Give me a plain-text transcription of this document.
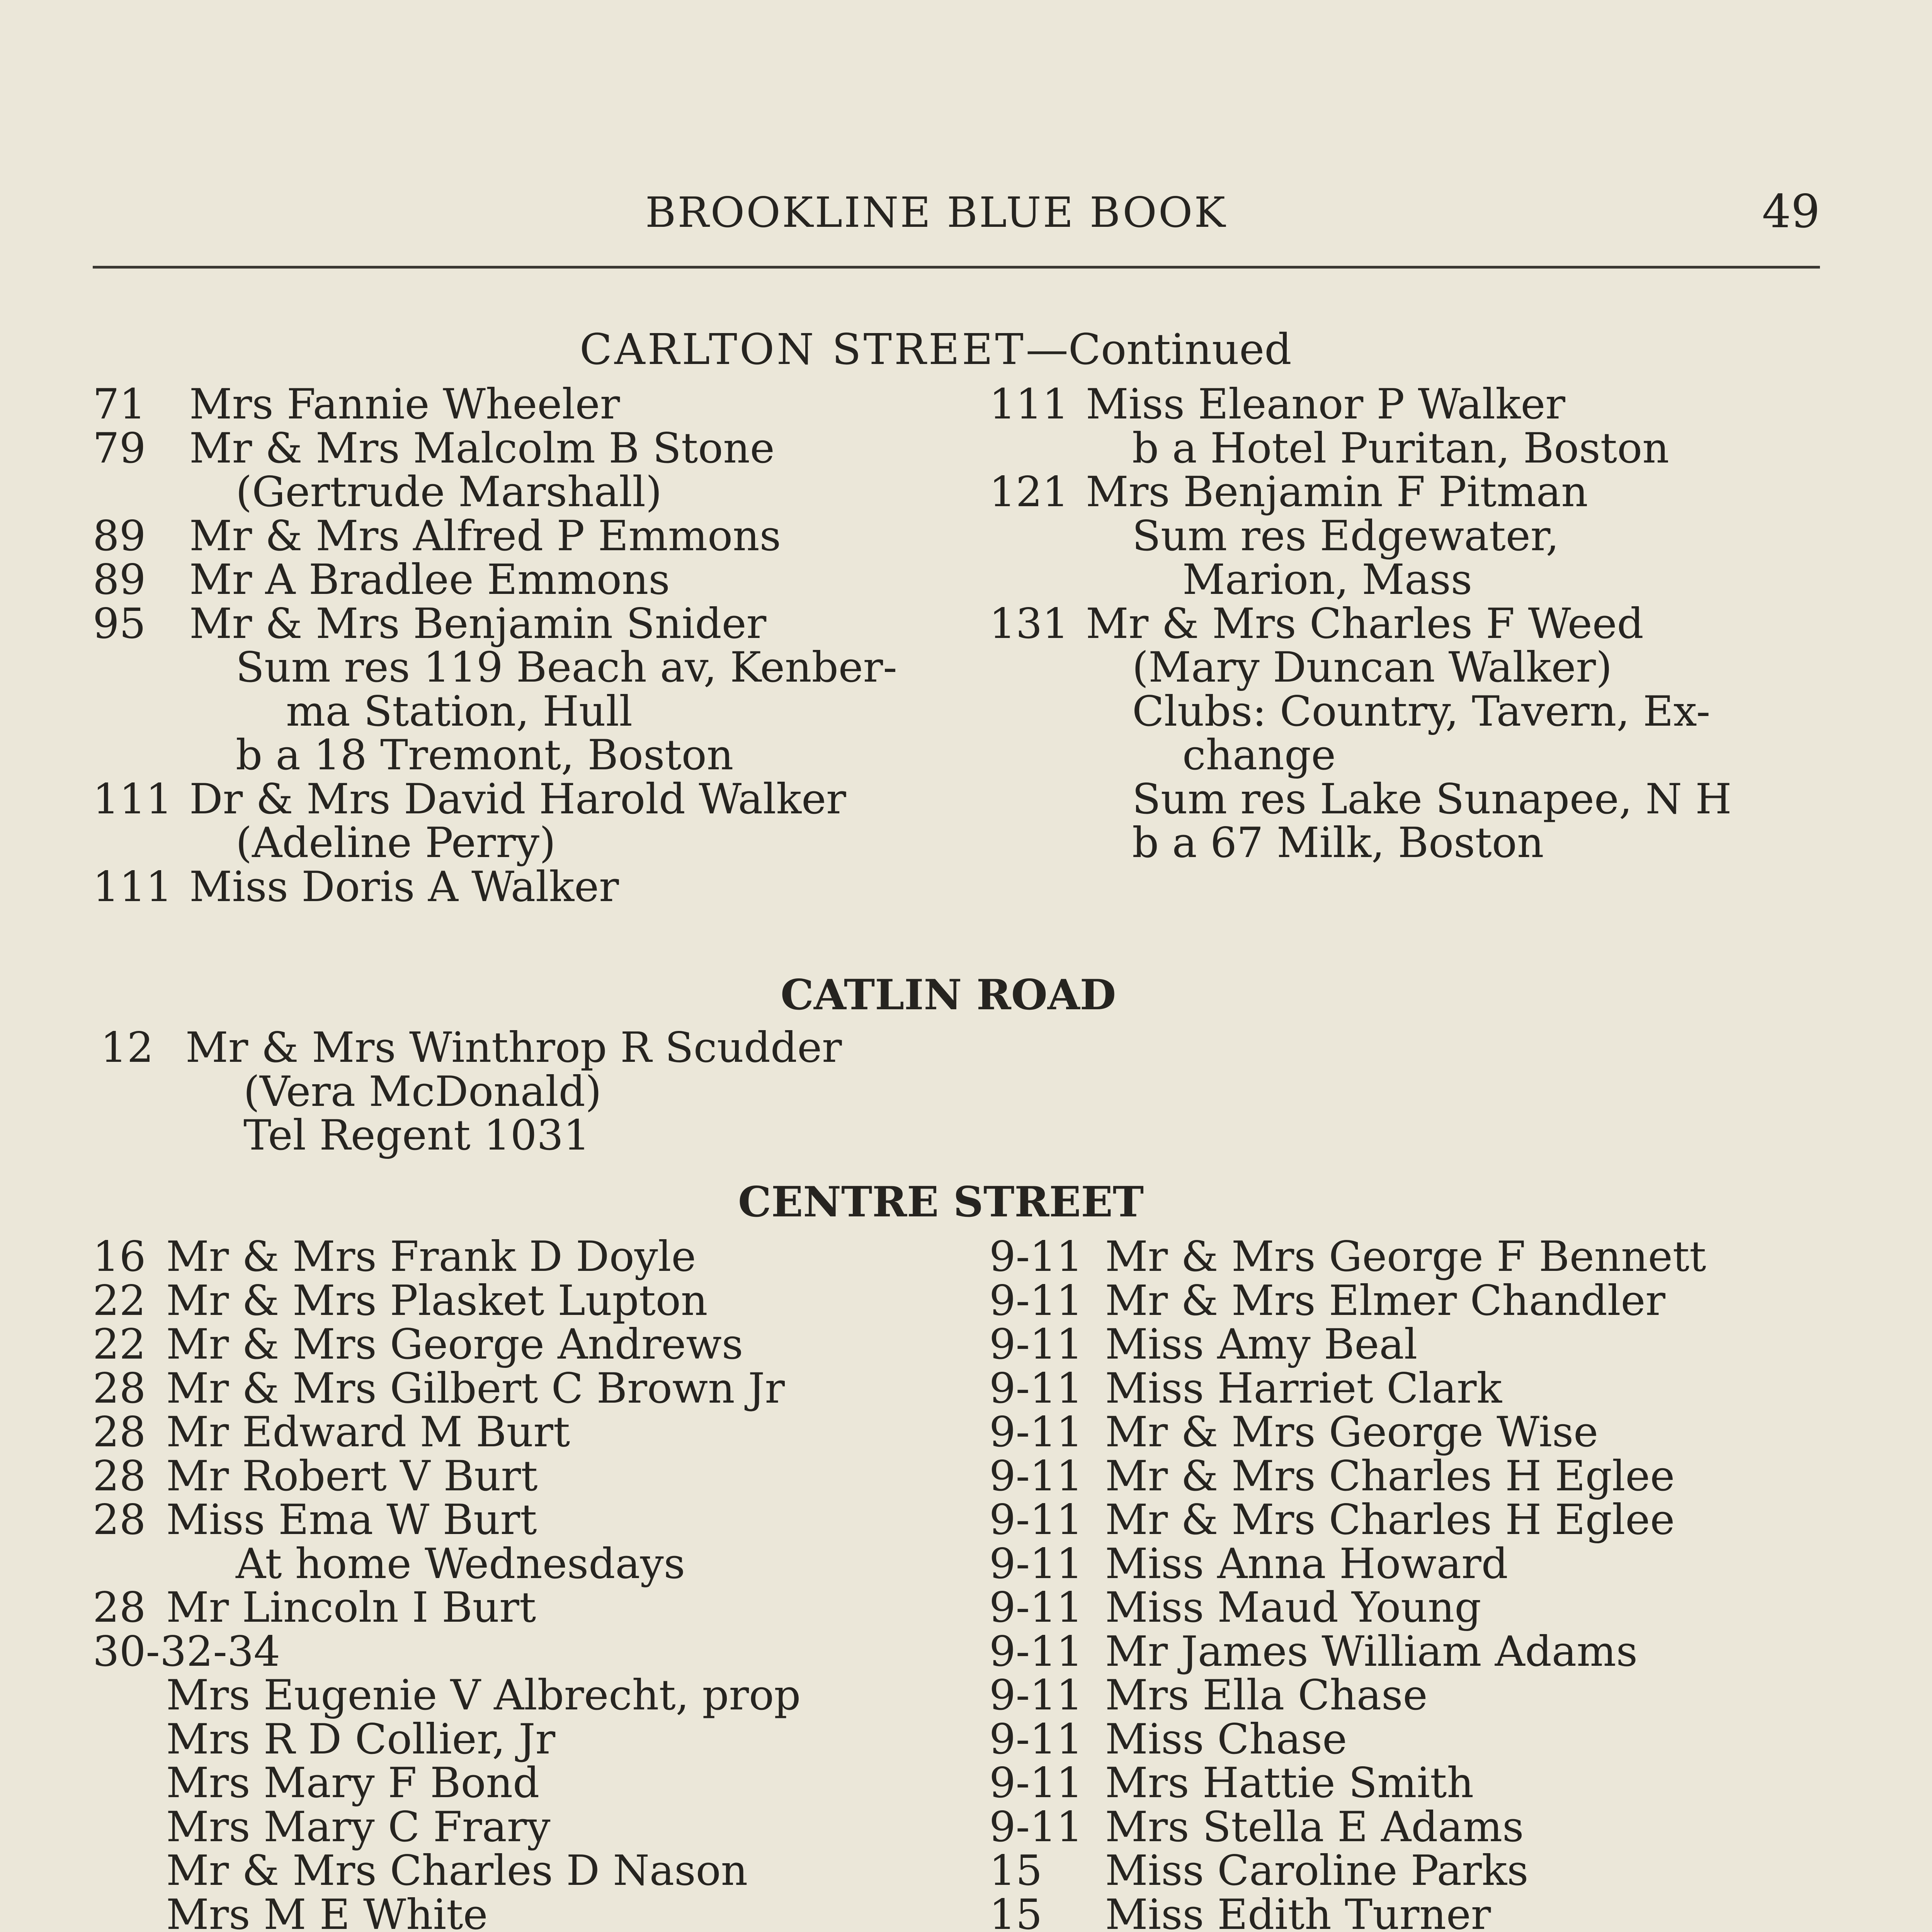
BROOKLINE BLUE BOOK	49
CARLTON STREET—Continued
71 Mrs Fannie Wheeler
79 Mr & Mrs Malcolm B Stone
(Gertrude Marshall)
89 Mr & Mrs Alfred P Emmons
89 Mr A Bradlee Emmons
95 Mr & Mrs Benjamin Snider
Sum res 119 Beach av, Kenber-
ma Station, Hull
b a 18 Tremont, Boston
111 Dr & Mrs David Harold Walker
(Adeline Perry)
111 Miss Doris A Walker
111 Miss Eleanor P Walker
b a Hotel Puritan, Boston
121 Mrs Benjamin F Pitman
Sum res Edgewater,
Marion, Mass
131 Mr & Mrs Charles F Weed
(Mary Duncan Walker)
Clubs: Country, Tavern, Ex-
change
Sum res Lake Sunapee, N H
b a 67 Milk, Boston
CATLIN ROAD
12 Mr & Mrs Winthrop R Scudder
(Vera McDonald)
Tel Regent 1031
CENTRE STREET
16 Mr & Mrs Frank D Doyle
22 Mr & Mrs Plasket Lupton
22 Mr & Mrs George Andrews
28 Mr & Mrs Gilbert C Brown Jr
28 Mr Edward M Burt
28 Mr Robert V Burt
28 Miss Ema W Burt
At home Wednesdays
28 Mr Lincoln I Burt
30-32-34
Mrs Eugenie V Albrecht, prop
Mrs R D Collier, Jr
Mrs Mary F Bond
Mrs Mary C Frary
Mr & Mrs Charles D Nason
Mrs M E White
9-11 Mr & Mrs George F Bennett
9-11 Mr & Mrs Elmer Chandler
9-11 Miss Amy Beal
9-11 Miss Harriet Clark
9-11 Mr & Mrs George Wise
9-11 Mr & Mrs Charles H Eglee
9-11 Mr & Mrs Charles H Eglee
9-11 Miss Anna Howard
9-11 Miss Maud Young
9-11 Mr James William Adams
9-11 Mrs Ella Chase
9-11 Miss Chase
9-11 Mrs Hattie Smith
9-11 Mrs Stella E Adams
15 Miss Caroline Parks
15 Miss Edith Turner
